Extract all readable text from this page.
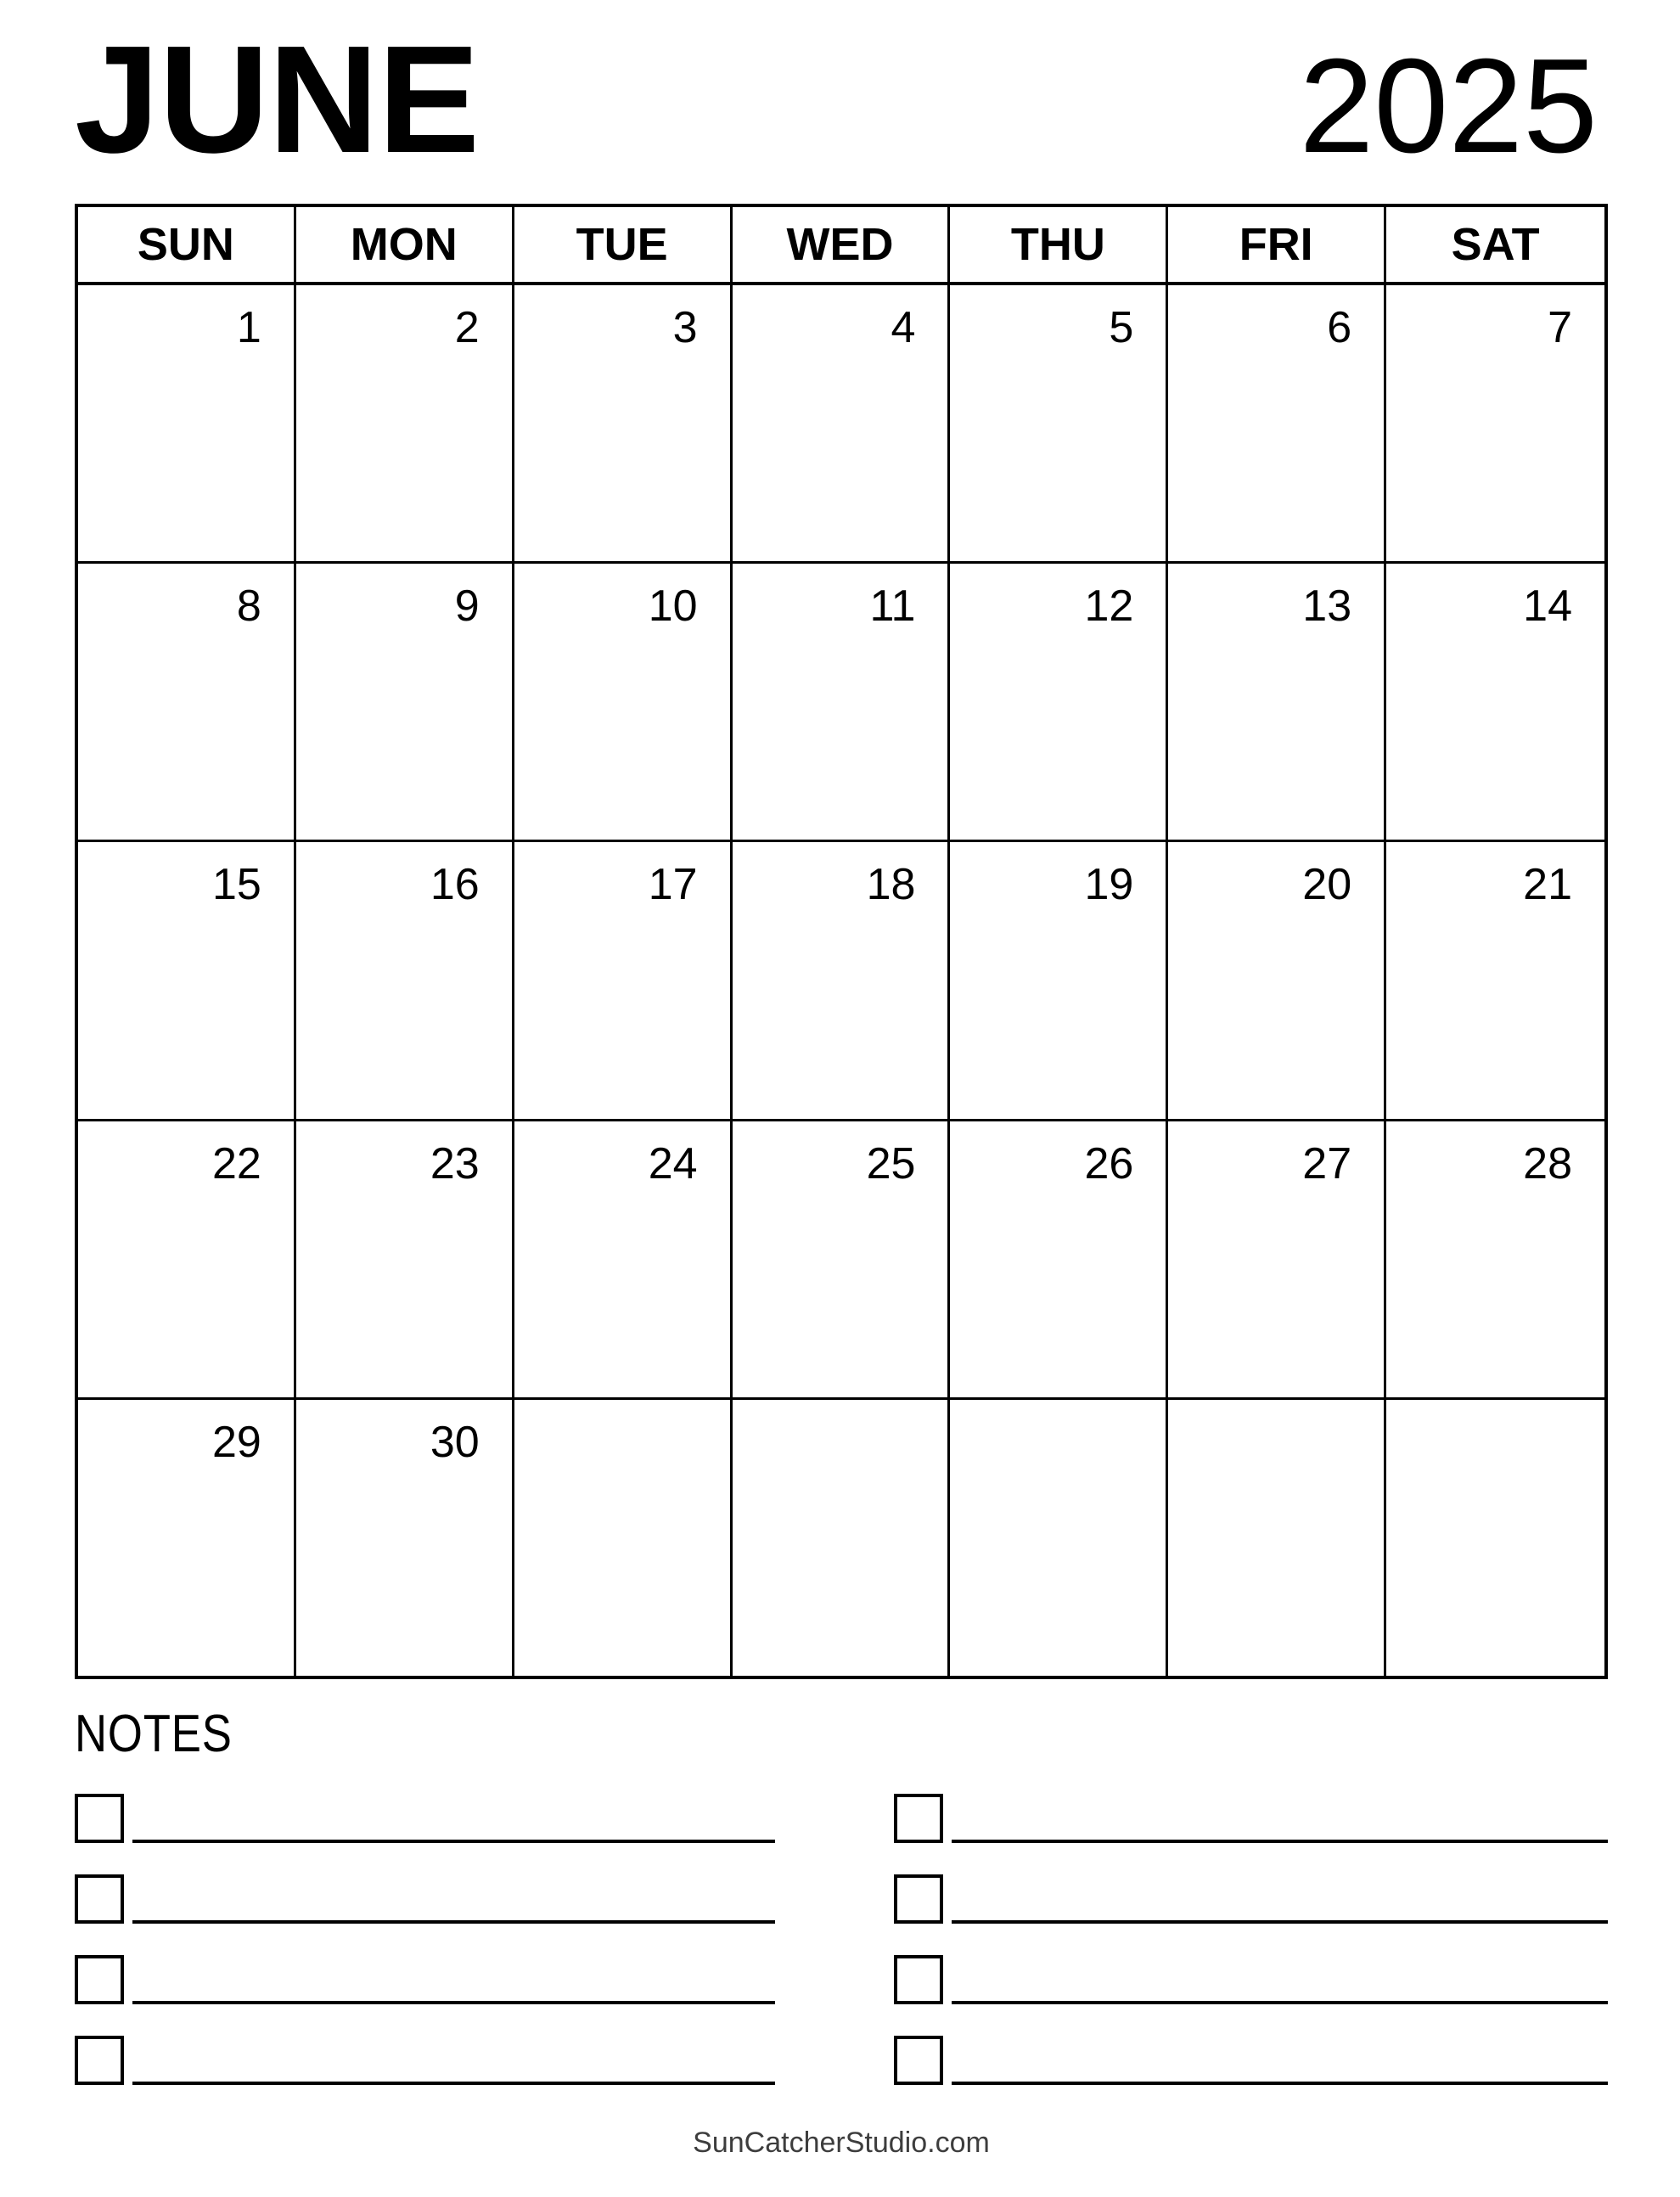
JUNE	2025
SUN	MON	TUE	WED	THU	FRI	SAT
1	2	3	4	5	6	7
8	9	10	11	12	13	14
15	16	17	18	19	20	21
22	23	24	25	26	27	28
29	30
NOTES
SunCatcherStudio.com
